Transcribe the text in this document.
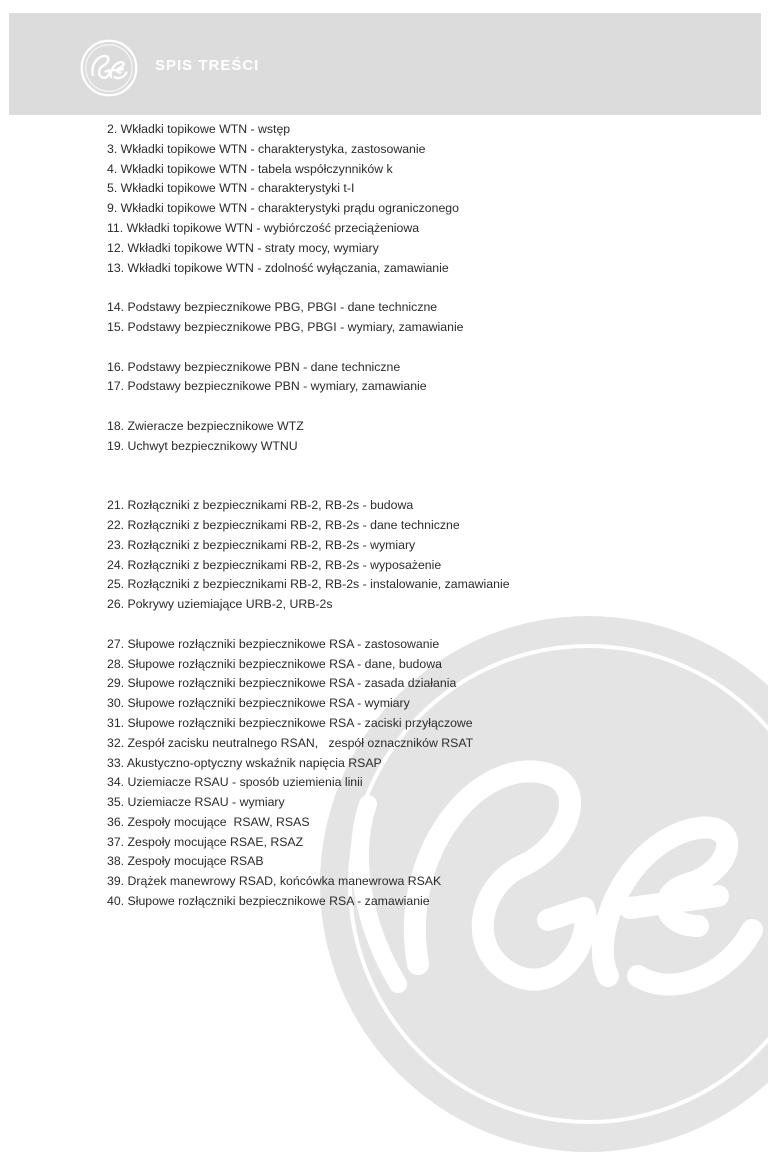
SPIS TREŚCI
2. Wkładki topikowe WTN - wstęp
3. Wkładki topikowe WTN - charakterystyka, zastosowanie
4. Wkładki topikowe WTN - tabela współczynników k
5. Wkładki topikowe WTN - charakterystyki t-I
9. Wkładki topikowe WTN - charakterystyki prądu ograniczonego
11. Wkładki topikowe WTN - wybiórczość przeciążeniowa
12. Wkładki topikowe WTN - straty mocy, wymiary
13. Wkładki topikowe WTN - zdolność wyłączania, zamawianie
14. Podstawy bezpiecznikowe PBG, PBGI - dane techniczne
15. Podstawy bezpiecznikowe PBG, PBGI - wymiary, zamawianie
16. Podstawy bezpiecznikowe PBN - dane techniczne
17. Podstawy bezpiecznikowe PBN - wymiary, zamawianie
18. Zwieracze bezpiecznikowe WTZ
19. Uchwyt bezpiecznikowy WTNU
21. Rozłączniki z bezpiecznikami RB-2, RB-2s - budowa
22. Rozłączniki z bezpiecznikami RB-2, RB-2s - dane techniczne
23. Rozłączniki z bezpiecznikami RB-2, RB-2s - wymiary
24. Rozłączniki z bezpiecznikami RB-2, RB-2s - wyposażenie
25. Rozłączniki z bezpiecznikami RB-2, RB-2s - instalowanie, zamawianie
26. Pokrywy uziemiające URB-2, URB-2s
27. Słupowe rozłączniki bezpiecznikowe RSA - zastosowanie
28. Słupowe rozłączniki bezpiecznikowe RSA - dane, budowa
29. Słupowe rozłączniki bezpiecznikowe RSA - zasada działania
30. Słupowe rozłączniki bezpiecznikowe RSA - wymiary
31. Słupowe rozłączniki bezpiecznikowe RSA - zaciski przyłączowe
32. Zespół zacisku neutralnego RSAN,   zespół oznaczników RSAT
33. Akustyczno-optyczny wskaźnik napięcia RSAP
34. Uziemiacze RSAU - sposób uziemienia linii
35. Uziemiacze RSAU - wymiary
36. Zespoły mocujące  RSAW, RSAS
37. Zespoły mocujące RSAE, RSAZ
38. Zespoły mocujące RSAB
39. Drążek manewrowy RSAD, końcówka manewrowa RSAK
40. Słupowe rozłączniki bezpiecznikowe RSA - zamawianie
